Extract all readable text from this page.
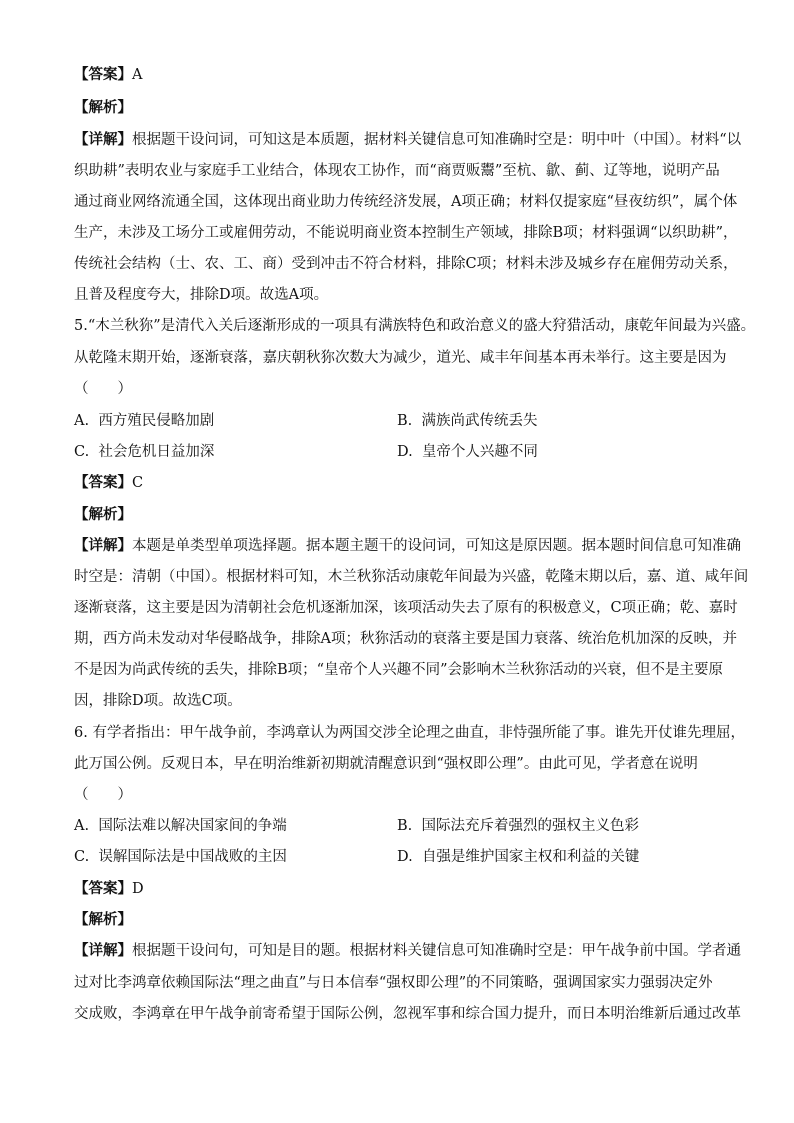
【答案】A
【解析】
【详解】根据题干设问词，可知这是本质题，据材料关键信息可知准确时空是：明中叶（中国）。材料“以
织助耕”表明农业与家庭手工业结合，体现农工协作，而“商贾贩鬻”至杭、歙、蓟、辽等地，说明产品
通过商业网络流通全国，这体现出商业助力传统经济发展，A项正确；材料仅提家庭“昼夜纺织”，属个体
生产，未涉及工场分工或雇佣劳动，不能说明商业资本控制生产领域，排除B项；材料强调“以织助耕”，
传统社会结构（士、农、工、商）受到冲击不符合材料，排除C项；材料未涉及城乡存在雇佣劳动关系，
且普及程度夸大，排除D项。故选A项。
5.“木兰秋狝”是清代入关后逐渐形成的一项具有满族特色和政治意义的盛大狩猎活动，康乾年间最为兴盛。
从乾隆末期开始，逐渐衰落，嘉庆朝秋狝次数大为减少，道光、咸丰年间基本再未举行。这主要是因为
（　　）
A. 西方殖民侵略加剧	B. 满族尚武传统丢失
C. 社会危机日益加深	D. 皇帝个人兴趣不同
【答案】C
【解析】
【详解】本题是单类型单项选择题。据本题主题干的设问词，可知这是原因题。据本题时间信息可知准确
时空是：清朝（中国）。根据材料可知，木兰秋狝活动康乾年间最为兴盛，乾隆末期以后，嘉、道、咸年间
逐渐衰落，这主要是因为清朝社会危机逐渐加深，该项活动失去了原有的积极意义，C项正确；乾、嘉时
期，西方尚未发动对华侵略战争，排除A项；秋狝活动的衰落主要是国力衰落、统治危机加深的反映，并
不是因为尚武传统的丢失，排除B项；“皇帝个人兴趣不同”会影响木兰秋狝活动的兴衰，但不是主要原
因，排除D项。故选C项。
6. 有学者指出：甲午战争前，李鸿章认为两国交涉全论理之曲直，非恃强所能了事。谁先开仗谁先理屈，
此万国公例。反观日本，早在明治维新初期就清醒意识到“强权即公理”。由此可见，学者意在说明
（　　）
A. 国际法难以解决国家间的争端	B. 国际法充斥着强烈的强权主义色彩
C. 误解国际法是中国战败的主因	D. 自强是维护国家主权和利益的关键
【答案】D
【解析】
【详解】根据题干设问句，可知是目的题。根据材料关键信息可知准确时空是：甲午战争前中国。学者通
过对比李鸿章依赖国际法“理之曲直”与日本信奉“强权即公理”的不同策略，强调国家实力强弱决定外
交成败，李鸿章在甲午战争前寄希望于国际公例，忽视军事和综合国力提升，而日本明治维新后通过改革
